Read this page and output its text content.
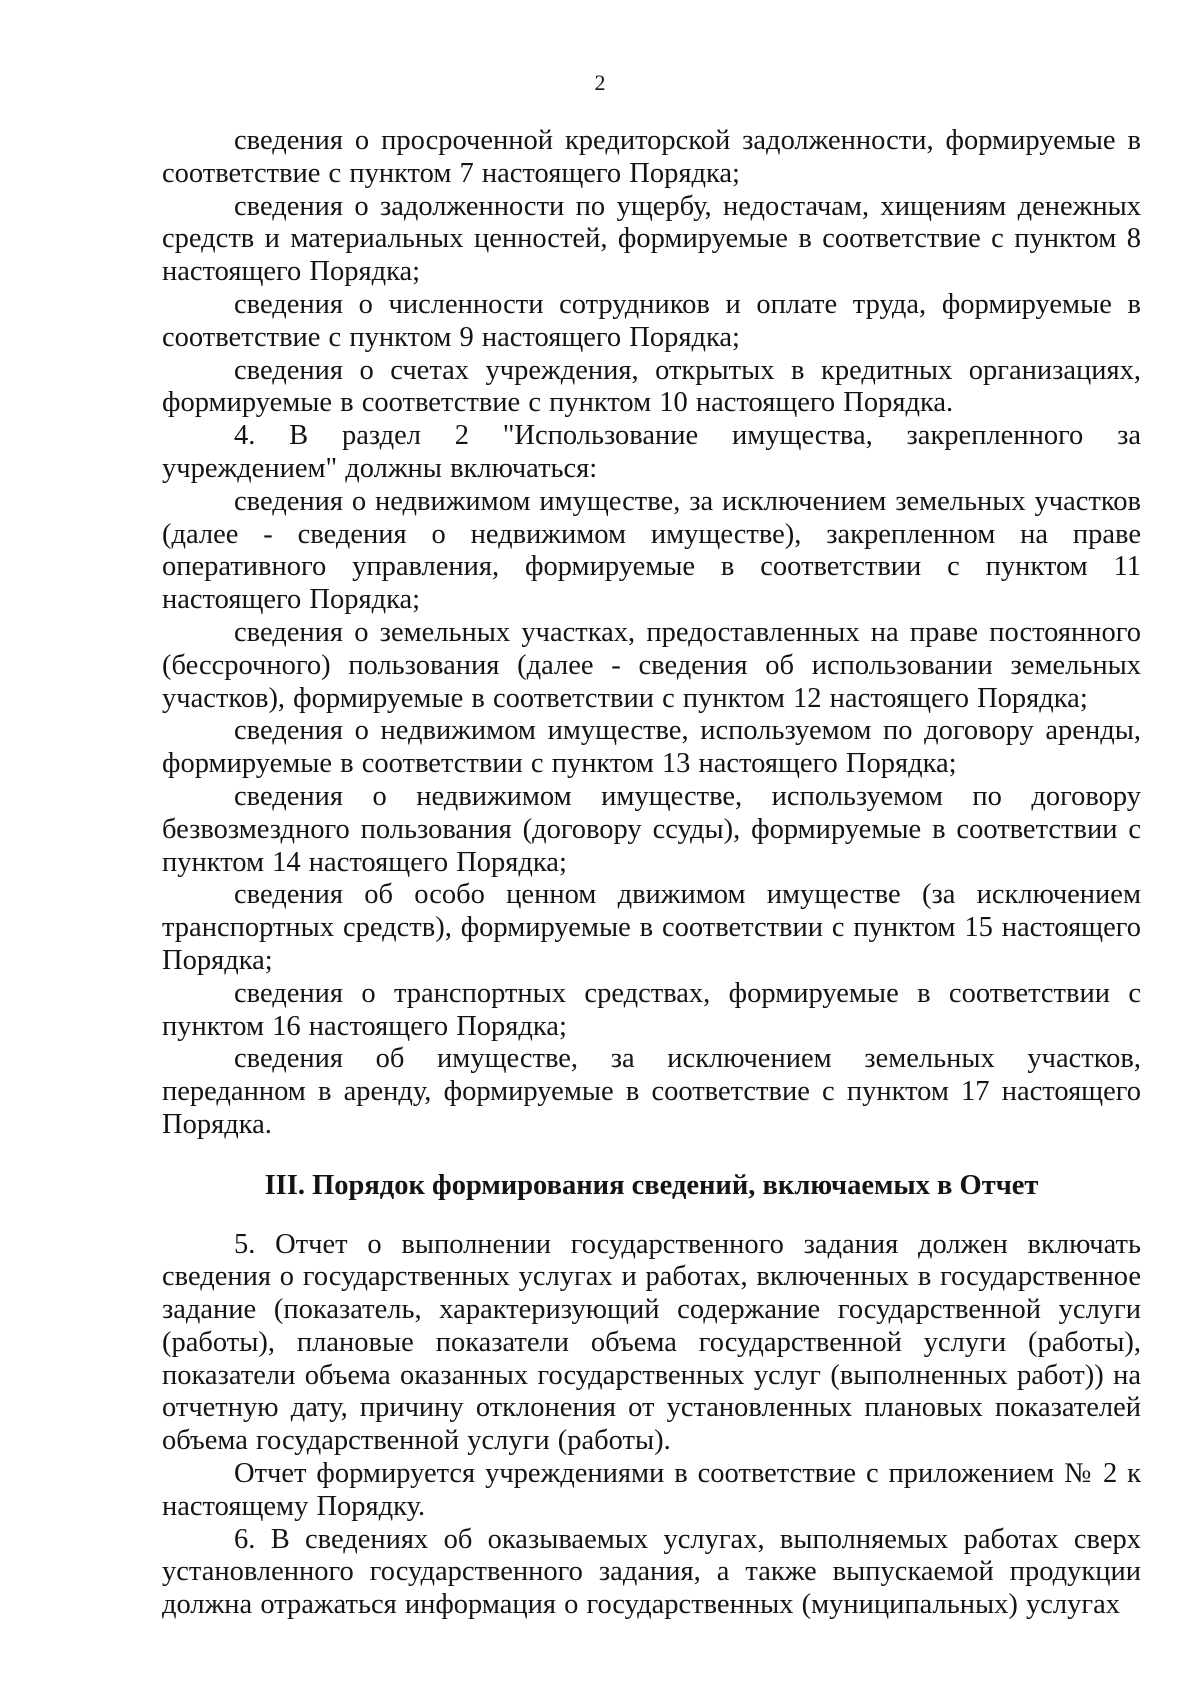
2

сведения о просроченной кредиторской задолженности, формируемые в соответствие с пунктом 7 настоящего Порядка;

сведения о задолженности по ущербу, недостачам, хищениям денежных средств и материальных ценностей, формируемые в соответствие с пунктом 8 настоящего Порядка;

сведения о численности сотрудников и оплате труда, формируемые в соответствие с пунктом 9 настоящего Порядка;

сведения о счетах учреждения, открытых в кредитных организациях, формируемые в соответствие с пунктом 10 настоящего Порядка.

4. В раздел 2 "Использование имущества, закрепленного за учреждением" должны включаться:

сведения о недвижимом имуществе, за исключением земельных участков (далее - сведения о недвижимом имуществе), закрепленном на праве оперативного управления, формируемые в соответствии с пунктом 11 настоящего Порядка;

сведения о земельных участках, предоставленных на праве постоянного (бессрочного) пользования (далее - сведения об использовании земельных участков), формируемые в соответствии с пунктом 12 настоящего Порядка;

сведения о недвижимом имуществе, используемом по договору аренды, формируемые в соответствии с пунктом 13 настоящего Порядка;

сведения о недвижимом имуществе, используемом по договору безвозмездного пользования (договору ссуды), формируемые в соответствии с пунктом 14 настоящего Порядка;

сведения об особо ценном движимом имуществе (за исключением транспортных средств), формируемые в соответствии с пунктом 15 настоящего Порядка;

сведения о транспортных средствах, формируемые в соответствии с пунктом 16 настоящего Порядка;

сведения об имуществе, за исключением земельных участков, переданном в аренду, формируемые в соответствие с пунктом 17 настоящего Порядка.

III. Порядок формирования сведений, включаемых в Отчет

5. Отчет о выполнении государственного задания должен включать сведения о государственных услугах и работах, включенных в государственное задание (показатель, характеризующий содержание государственной услуги (работы), плановые показатели объема государственной услуги (работы), показатели объема оказанных государственных услуг (выполненных работ)) на отчетную дату, причину отклонения от установленных плановых показателей объема государственной услуги (работы).

Отчет формируется учреждениями в соответствие с приложением № 2 к настоящему Порядку.

6. В сведениях об оказываемых услугах, выполняемых работах сверх установленного государственного задания, а также выпускаемой продукции должна отражаться информация о государственных (муниципальных) услугах
